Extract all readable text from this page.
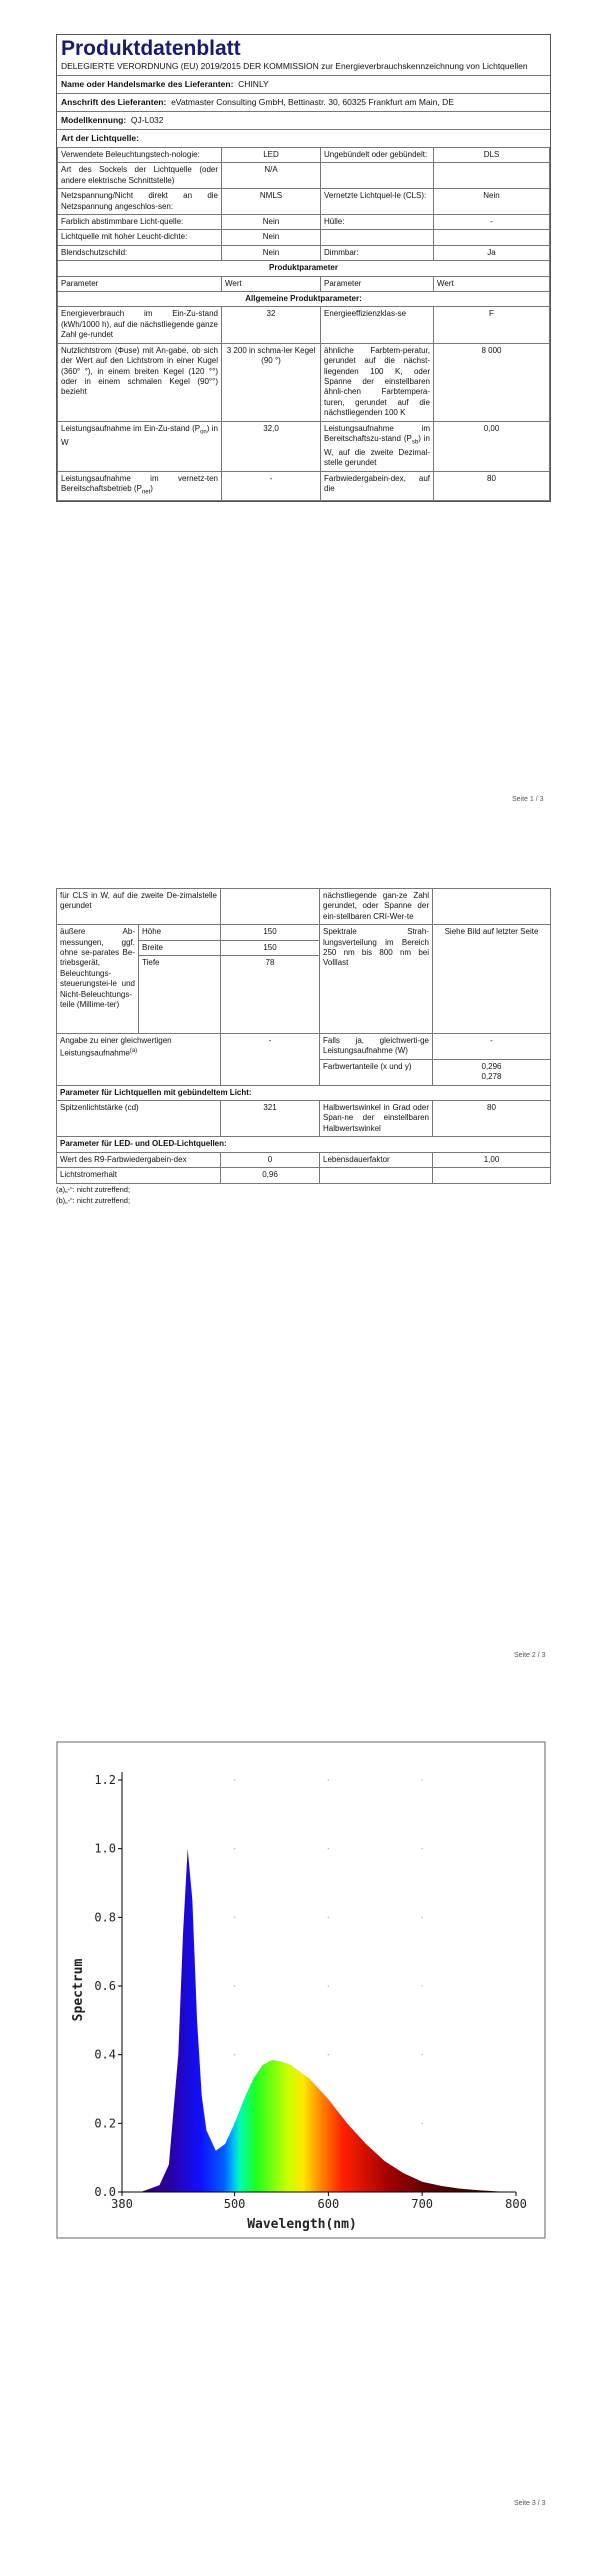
Produktdatenblatt
DELEGIERTE VERORDNUNG (EU) 2019/2015 DER KOMMISSION zur Energieverbrauchskennzeichnung von Lichtquellen
Name oder Handelsmarke des Lieferanten: CHINLY
Anschrift des Lieferanten: eVatmaster Consulting GmbH, Bettinastr. 30, 60325 Frankfurt am Main, DE
Modellkennung: QJ-L032
Art der Lichtquelle:
Verwendete Beleuchtungstech-nologie:	LED	Ungebündelt oder gebündelt:	DLS
Art des Sockels der Lichtquelle (oder andere elektrische Schnittstelle)	N/A		
Netzspannung/Nicht direkt an die Netzspannung angeschlos-sen:	NMLS	Vernetzte Lichtquel-le (CLS):	Nein
Farblich abstimmbare Licht-quelle:	Nein	Hülle:	-
Lichtquelle mit hoher Leucht-dichte:	Nein		
Blendschutzschild:	Nein	Dimmbar:	Ja
Produktparameter			
Parameter	Wert	Parameter	Wert
Allgemeine Produktparameter:			
Energieverbrauch im Ein-Zu-stand (kWh/1000 h), auf die nächstliegende ganze Zahl ge-rundet	32	Energieeffizienzklas-se	F
Nutzlichtstrom (Φuse) mit An-gabe, ob sich der Wert auf den Lichtstrom in einer Kugel (360° °), in einem breiten Kegel (120 °°) oder in einem schmalen Kegel (90°°) bezieht	3 200 in schma-ler Kegel (90 °)	ähnliche Farbtem-peratur, gerundet auf die nächst-liegenden 100 K, oder Spanne der einstellbaren ähnli-chen Farbtempera-turen, gerundet auf die nächstliegenden 100 K	8 000
Leistungsaufnahme im Ein-Zu-stand $(P_{on})$ in W	32,0	Leistungsaufnahme im Bereitschaftszu-stand $(P_{sb})$ in W, auf die zweite Dezimal-stelle gerundet	0,00
Leistungsaufnahme im vernetz-ten Bereitschaftsbetrieb $(P_{net})$	-	Farbwiedergabein-dex, auf die	80
Seite 1 / 3
für CLS in W, auf die zweite De-zimalstelle gerundet			nächstliegende gan-ze Zahl gerundet, oder Spanne der ein-stellbaren CRI-Wer-te	
äußere Ab-messungen, ggf. ohne se-parates Be-triebsgerät, Beleuchtungs-steuerungstei-le und Nicht-Beleuchtungs-teile (Millime-ter)	Höhe	150	Spektrale Strah-lungsverteilung im Bereich 250 nm bis 800 nm bei Volllast	Siehe Bild auf letzter Seite
	Breite	150		
	Tiefe	78		
Angabe zu einer gleichwertigen Leistungsaufnahme$^{(a)}$		-	Falls ja, gleichwerti-ge Leistungsaufnahme (W)	-
			Farbwertanteile (x und y)	0,296
0,278

Parameter für Lichtquellen mit gebündeltem Licht:				
Spitzenlichtstärke (cd)		321	Halbwertswinkel in Grad oder Span-ne der einstellbaren Halbwertswinkel	80
Parameter für LED- und OLED-Lichtquellen:				
Wert des R9-Farbwiedergabein-dex		0	Lebensdauerfaktor	1,00
Lichtstromerhalt		0,96		
(a)„-“: nicht zutreffend;
(b)„-“: nicht zutreffend;
Seite 2 / 3
0.0
0.2
0.4
0.6
0.8
1.0
1.2
380	500	600	700	800
Wavelength(nm)
Spectrum
Seite 3 / 3
